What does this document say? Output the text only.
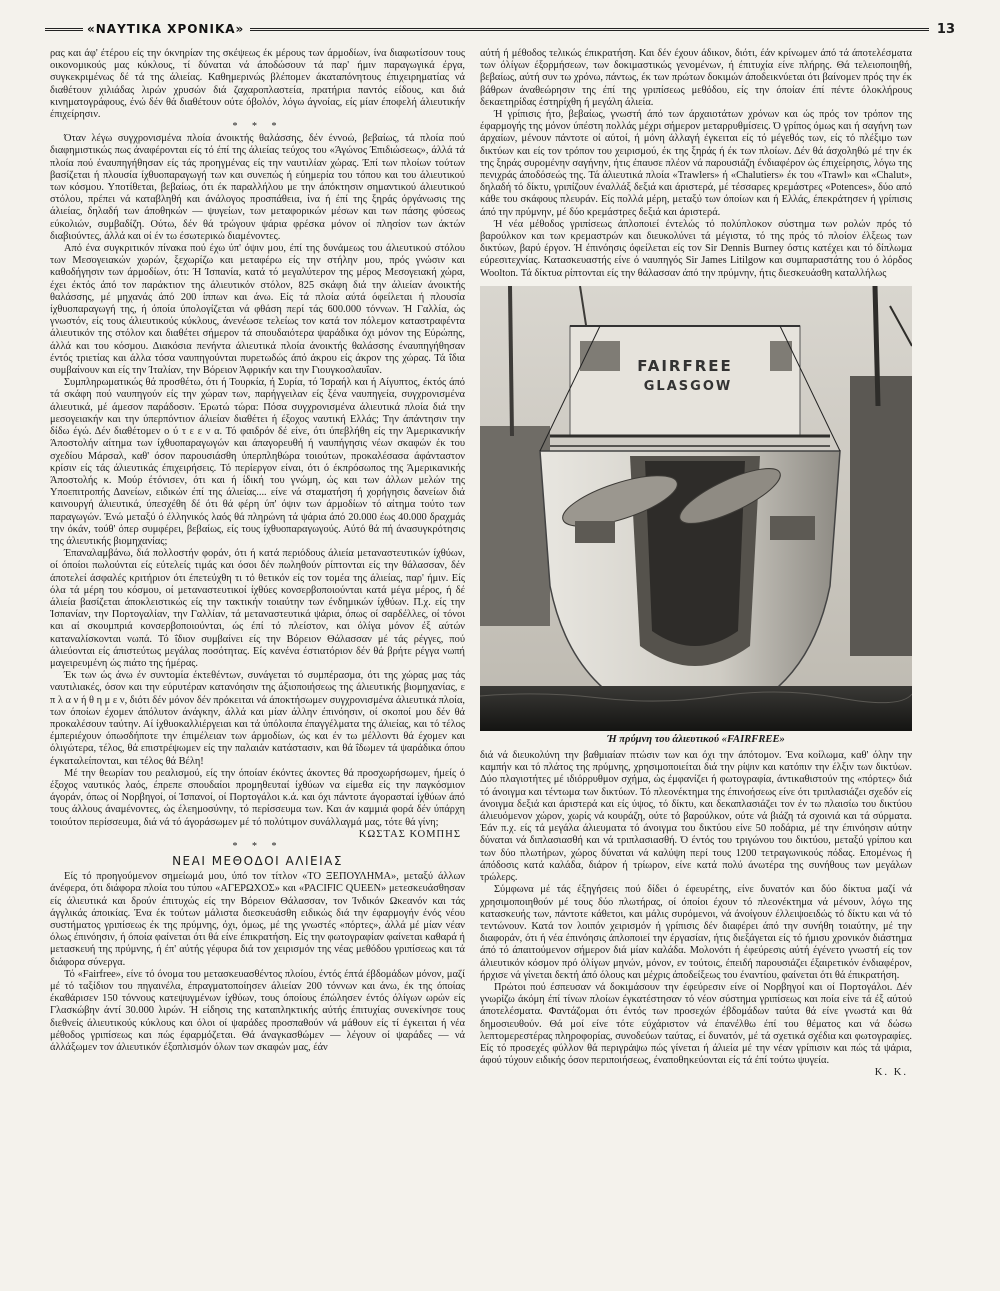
«ΝΑΥΤΙΚΑ ΧΡΟΝΙΚΑ»	13

ρας και άφ' έτέρου είς την όκνηρίαν της σκέψεως έκ μέρους των άρμοδίων, ίνα διαφωτίσουν τους οικονομικούς μας κύκλους, τί δύναται νά άποδώσουν τά παρ' ήμιν παραγωγικά έργα, συγκεκριμένως δέ τά της άλιείας. Καθημερινώς βλέπομεν άκαταπόνητους έπιχειρηματίας νά διαθέτουν χιλιάδας λιρών χρυσών διά ζαχαροπλαστεία, πρατήρια παντός είδους, και διά κινηματογράφους, ένώ δέν θά διαθέτουν ούτε όβολόν, λόγω άγνοίας, είς μίαν έποφελή άλιευτικήν έπιχείρησιν.

* * *

Όταν λέγω συγχρονισμένα πλοία άνοικτής θαλάσσης, δέν έννοώ, βεβαίως, τά πλοία πού διαφημιστικώς πως άναφέρονται είς τό έπί της άλιείας τεύχος του «Άγώνος Έπιδιώσεως», άλλά τά πλοία πού έναυπηγήθησαν είς τάς προηγμένας είς την ναυτιλίαν χώρας. Έπί των πλοίων τούτων βασίζεται ή πλουσία ίχθυοπαραγωγή των και συνεπώς ή εύημερία του τόπου και του άλιευτικού των κόσμου. Υποτίθεται, βεβαίως, ότι έκ παραλλήλου με την άπόκτησιν σημαντικού άλιευτικού στόλου, πρέπει νά καταβληθή και άνάλογος προσπάθεια, ίνα ή έπί της ξηράς όργάνωσις της άλιείας, δηλαδή των άποθηκών — ψυγείων, των μεταφορικών μέσων και των πάσης φύσεως εύκολιών, συμβαδίζη. Ούτω, δέν θά τρώγουν ψάρια φρέσκα μόνον οί πλησίον των άκτών διαβιούντες, άλλά και οί έν τω έσωτερικώ διαμένοντες.

Από ένα συγκριτικόν πίνακα πού έχω ύπ' όψιν μου, έπί της δυνάμεως του άλιευτικού στόλου των Μεσογειακών χωρών, ξεχωρίζω και μεταφέρω είς την στήλην μου, πρός γνώσιν και καθοδήγησιν των άρμοδίων, ότι: Ή Ίσπανία, κατά τό μεγαλύτερον της μέρος Μεσογειακή χώρα, έχει έκτός άπό τον παράκτιον της άλιευτικόν στόλον, 825 σκάφη διά την άλιείαν άνοικτής θαλάσσης, μέ μηχανάς άπό 200 ίππων και άνω. Είς τά πλοία αύτά όφείλεται ή πλουσία ίχθυοπαραγωγή της, ή όποία ύπολογίζεται νά φθάση περί τάς 600.000 τόννων. Ή Γαλλία, ώς γνωστόν, είς τους άλιευτικούς κύκλους, άνενέωσε τελείως τον κατά τον πόλεμον καταστραφέντα άλιευτικόν της στόλον και διαθέτει σήμερον τά σπουδαιότερα ψαράδικα όχι μόνον της Εύρώπης, άλλά και του κόσμου. Διακόσια πενήντα άλιευτικά πλοία άνοικτής θαλάσσης έναυπηγήθησαν έντός τριετίας και άλλα τόσα ναυπηγούνται πυρετωδώς άπό άκρου είς άκρον της χώρας. Τά ΐδια συμβαίνουν και είς την Ίταλίαν, την Βόρειον Άφρικήν και την Γιουγκοσλαυΐαν.

Συμπληρωματικώς θά προσθέτω, ότι ή Τουρκία, ή Συρία, τό Ίσραήλ και ή Αίγυπτος, έκτός άπό τά σκάφη πού ναυπηγούν είς την χώραν των, παρήγγειλαν είς ξένα ναυπηγεία, συγχρονισμένα άλιευτικά, μέ άμεσον παράδοσιν. Έρωτώ τώρα: Πόσα συγχρονισμένα άλιευτικά πλοία διά την μεσογειακήν και την ύπερπόντιον άλιείαν διαθέτει ή έξοχος ναυτική Ελλάς; Την άπάντησιν την δίδω έγώ. Δέν διαθέτομεν ο ύ τ ε ε ν α. Τό φαιδρόν δέ είνε, ότι ύπεβλήθη είς την Άμερικανικήν Άποστολήν αίτημα των ίχθυοπαραγωγών και άπαγορευθή ή ναυπήγησις νέων σκαφών έκ του σχεδίου Μάρσαλ, καθ' όσον παρουσιάσθη ύπερπληθώρα τοιούτων, προκαλέσασα άφάνταστον κρίσιν είς τάς άλιευτικάς έπιχειρήσεις. Τό περίεργον είναι, ότι ό έκπρόσωπος της Άμερικανικής Άποστολής κ. Μούρ έτόνισεν, ότι και ή ίδική του γνώμη, ώς και των άλλων μελών της Υποεπιτροπής Δανείων, ειδικών έπί της άλιείας.... είνε νά σταματήση ή χορήγησις δανείων διά καινουργή άλιευτικά, ύπεσχέθη δέ ότι θά φέρη ύπ' όψιν των άρμοδίων τό αίτημα τούτο των παραγωγών. Ένώ μεταξύ ό έλληνικός λαός θά πληρώνη τά ψάρια άπό 20.000 έως 40.000 δραχμάς την όκάν, τούθ' όπερ συμφέρει, βεβαίως, είς τους ίχθυοπαραγωγούς. Αύτό θά πή άνασυγκρότησις της άλιευτικής βιομηχανίας;

Έπαναλαμβάνω, διά πολλοστήν φοράν, ότι ή κατά περιόδους άλιεία μεταναστευτικών ίχθύων, οί όποίοι πωλούνται είς εύτελείς τιμάς και όσοι δέν πωληθούν ρίπτονται είς την θάλασσαν, δέν άποτελεί άσφαλές κριτήριον ότι έπετεύχθη τι τό θετικόν είς τον τομέα της άλιείας, παρ' ήμιν. Είς όλα τά μέρη του κόσμου, οί μεταναστευτικοί ίχθύες κονσερβοποιούνται κατά μέγα μέρος, ή δέ άλιεία βασίζεται άποκλειστικώς είς την τακτικήν τοιαύτην των ένδημικών ίχθύων. Π.χ. είς την Ίσπανίαν, την Πορτογαλίαν, την Γαλλίαν, τά μεταναστευτικά ψάρια, όπως οί σαρδέλλες, οί τόνοι και αί σκουμπριά κονσερβοποιούνται, ώς έπί τό πλείστον, και όλίγα μόνον έξ αύτών καταναλίσκονται νωπά. Τό ΐδιον συμβαίνει είς την Βόρειον Θάλασσαν μέ τάς ρέγγες, πού άλιεύονται είς άπιστεύτως μεγάλας ποσότητας. Είς κανένα έστιατόριον δέν θά βρήτε ρέγγα νωπή μαγειρευμένη ώς πιάτο της ήμέρας.

Έκ των ώς άνω έν συντομία έκτεθέντων, συνάγεται τό συμπέρασμα, ότι της χώρας μας τάς ναυτιλιακές, όσον και την εύρυτέραν κατανόησιν της άξιοποιήσεως της άλιευτικής βιομηχανίας, ε π λ α ν ή θ η μ ε ν, διότι δέν μόνον δέν πρόκειται νά άποκτήσωμεν συγχρονισμένα άλιευτικά πλοία, των όποίων έχομεν άπόλυτον άνάγκην, άλλά και μίαν άλλην έπινόησιν, οί σκοποί μου δέν θά προκαλέσουν ταύτην. Αί ίχθυοκαλλιέργειαι και τά ύπόλοιπα έπαγγέλματα της άλιείας, και τό τέλος έμπεριέχουν όπωσδήποτε την έπιμέλειαν των άρμοδίων, ώς και έν τω μέλλοντι θά έχομεν και όλιγώτερα, τέλος, θά επιστρέψωμεν είς την παλαιάν κατάστασιν, και θά ΐδωμεν τά ψαράδικα όπου έγκαταλείπονται, και τέλος θά Βέλη!

Μέ την θεωρίαν του ρεαλισμού, είς την όποίαν έκόντες άκοντες θά προσχωρήσωμεν, ήμείς ό έξοχος ναυτικός λαός, έπρεπε σπουδαίοι προμηθευταί ίχθύων να είμεθα είς την παγκόσμιον άγοράν, όπως οί Νορβηγοί, οί Ίσπανοί, οί Πορτογάλοι κ.ά. και όχι πάντοτε άγορασταί ίχθύων άπό τους άλλους άναμένοντες, ώς έλεημοσύνην, τό περίσσευμα των. Και άν καμμιά φορά δέν ύπάρχη τοιούτον περίσσευμα, διά νά τό άγοράσωμεν μέ τό πολύτιμον συνάλλαγμά μας, τότε θά γίνη;

ΚΩΣΤΑΣ ΚΟΜΠΗΣ
* * *
ΝΕΑΙ ΜΕΘΟΔΟΙ ΑΛΙΕΙΑΣ

Είς τό προηγούμενον σημείωμά μου, ύπό τον τίτλον «ΤΟ ΞΕΠΟΥΛΗΜΑ», μεταξύ άλλων άνέφερα, ότι διάφορα πλοία του τύπου «ΑΓΕΡΩΧΟΣ» και «PACIFIC QUEEN» μετεσκευάσθησαν είς άλιευτικά και δρούν έπιτυχώς είς την Βόρειον Θάλασσαν, τον Ίνδικόν Ωκεανόν και τάς άγγλικάς άποικίας. Ένα έκ τούτων μάλιστα διεσκευάσθη ειδικώς διά την έφαρμογήν ένός νέου συστήματος γριπίσεως έκ της πρύμνης, όχι, όμως, μέ της γνωστές «πόρτες», άλλά μέ μίαν νέαν όλως έπινόησιν, ή όποία φαίνεται ότι θά είνε έπικρατήση. Είς την φωτογραφίαν φαίνεται καθαρά ή μετασκευή της πρύμνης, ή έπ' αύτής γέφυρα διά τον χειρισμόν της νέας μεθόδου γριπίσεως και τά διάφορα σύνεργα.

Τό «Fairfree», είνε τό όνομα του μετασκευασθέντος πλοίου, έντός έπτά έβδομάδων μόνον, μαζί μέ τό ταξίδιον του πηγαινέλα, έπραγματοποίησεν άλιείαν 200 τόννων και άνω, έκ της όποίας έκαθάρισεν 150 τόννους κατεψυγμένων ίχθύων, τους όποίους έπώλησεν έντός όλίγων ωρών είς Γλασκώβην άντί 30.000 λιρών. Ή είδησις της καταπληκτικής αύτής έπιτυχίας συνεκίνησε τους διεθνείς άλιευτικούς κύκλους και όλοι οί ψαράδες προσπαθούν νά μάθουν είς τί έγκειται ή νέα μέθοδος γριπίσεως και πώς έφαρμόζεται. Θά άναγκασθώμεν — λέγουν οί ψαράδες — νά άλλάξωμεν τον άλιευτικόν έξοπλισμόν όλων των σκαφών μας, έάν

αύτή ή μέθοδος τελικώς έπικρατήση. Και δέν έχουν άδικον, διότι, έάν κρίνωμεν άπό τά άποτελέσματα των όλίγων έξορμήσεων, των δοκιμαστικώς γενομένων, ή έπιτυχία είνε πλήρης. Θά τελειοποιηθή, βεβαίως, αύτή συν τω χρόνω, πάντως, έκ των πρώτων δοκιμών άποδεικνύεται ότι βαίνομεν πρός την έκ βάθρων άναθεώρησιν της έπί της γριπίσεως μεθόδου, είς την όποίαν έπί πέντε όλοκλήρους δεκαετηρίδας έστηρίχθη ή μεγάλη άλιεία.

Ή γρίπισις ήτο, βεβαίως, γνωστή άπό των άρχαιοτάτων χρόνων και ώς πρός τον τρόπον της έφαρμογής της μόνον ύπέστη πολλάς μέχρι σήμερον μεταρρυθμίσεις. Ό γρίπος όμως και ή σαγήνη των άρχαίων, μένουν πάντοτε οί αύτοί, ή μόνη άλλαγή έγκειται είς τό μέγεθός των, είς τό πλέξιμο των δικτύων και είς τον τρόπον του χειρισμού, έκ της ξηράς ή έκ των πλοίων. Δέν θά άσχοληθώ μέ την έκ της ξηράς συρομένην σαγήνην, ήτις έπαυσε πλέον νά παρουσιάζη ένδιαφέρον ώς έπιχείρησις, λόγω της πενιχράς άποδόσεώς της. Τά άλιευτικά πλοία «Trawlers» ή «Chalutiers» έκ του «Trawl» και «Chalut», δηλαδή τό δίκτυ, γριπίζουν έναλλάξ δεξιά και άριστερά, μέ τέσσαρες κρεμάστρες «Potences», δύο από κάθε του σκάφους πλευράν. Είς πολλά μέρη, μεταξύ των όποίων και ή Ελλάς, έπεκράτησεν ή γρίπισις άπό την πρύμνην, μέ δύο κρεμάστρες δεξιά και άριστερά.

Ή νέα μέθοδος γριπίσεως άπλοποιεί έντελώς τό πολύπλοκον σύστημα των ρολών πρός τό βαρούλκον και των κρεμαστρών και διευκολύνει τά μέγιστα, τό της πρός τό πλοίον έλξεως των δικτύων, βαρύ έργον. Ή έπινόησις όφείλεται είς τον Sir Dennis Burney όστις κατέχει και τό δίπλωμα εύρεσιτεχνίας. Κατασκευαστής είνε ό ναυπηγός Sir James Litilgow και συμπαραστάτης του ό λόρδος Woolton. Τά δίκτυα ρίπτονται είς την θάλασσαν άπό την πρύμνην, ήτις διεσκευάσθη καταλλήλως

FAIRFREE
GLASGOW
Ή πρύμνη του άλιευτικού «FAIRFREE»

διά νά διευκολύνη την βαθμιαίαν πτώσιν των και όχι την άπότομον. Ένα κοίλωμα, καθ' όλην την καμπήν και τό πλάτος της πρύμνης, χρησιμοποιείται διά την ρίψιν και κατόπιν την έλξιν των δικτύων. Δύο πλαγιοτήτες μέ ιδιόρρυθμον σχήμα, ώς έμφανίζει ή φωτογραφία, άντικαθιστούν της «πόρτες» διά τό άνοιγμα και τέντωμα των δικτύων. Τό πλεονέκτημα της έπινοήσεως είνε ότι τριπλασιάζει σχεδόν είς άνοιγμα δεξιά και άριστερά και είς ύψος, τό δίκτυ, και δεκαπλασιάζει τον έν τω πλαισίω του δικτύου άλιευόμενον χώρον, χωρίς νά κουράζη, ούτε τό βαρούλκον, ούτε νά βιάζη τά σχοινιά και τά σύρματα. Έάν π.χ. είς τά μεγάλα άλιευματα τό άνοιγμα του δικτύου είνε 50 ποδάρια, μέ την έπινόησιν αύτην δύναται νά διπλασιασθή και νά τριπλασιασθή. Ό έντός του τριγώνου του δικτύου, μεταξύ γρίπου και των δύο πλωτήρων, χώρος δύναται νά καλύψη περί τους 1200 τετραγωνικούς πόδας. Επομένως ή άπόδοσις κατά καλάδα, διάρον ή τρίωρον, είνε κατά πολύ άνωτέρα της συνήθους των μεγάλων τρώλερς.

Σύμφωνα μέ τάς έξηγήσεις πού δίδει ό έφευρέτης, είνε δυνατόν και δύο δίκτυα μαζί νά χρησιμοποιηθούν μέ τους δύο πλωτήρας, οί όποίοι έχουν τό πλεονέκτημα νά μένουν, λόγω της κατασκευής των, πάντοτε κάθετοι, και μάλις συρόμενοι, νά άνοίγουν έλλειψοειδώς τό δίκτυ και νά τό τεντώνουν. Κατά τον λοιπόν χειρισμόν ή γρίπισις δέν διαφέρει άπό την συνήθη τοιαύτην, μέ την διαφοράν, ότι ή νέα έπινόησις άπλοποιεί την έργασίαν, ήτις διεξάγεται είς τό ήμισυ χρονικόν διάστημα άπό τό άπαιτούμενον σήμερον διά μίαν καλάδα. Μολονότι ή έφεύρεσις αύτή έγένετο γνωστή είς τον άλιευτικόν κόσμον πρό όλίγων μηνών, μόνον, εν τούτοις, έπειδή παρουσιάζει έξαιρετικόν ένδιαφέρον, ήρχισε νά γίνεται δεκτή άπό όλους και μέχρις άποδείξεως του έναντίου, φαίνεται ότι θά έπικρατήση.

Πρώτοι πού έσπευσαν νά δοκιμάσουν την έφεύρεσιν είνε οί Νορβηγοί και οί Πορτογάλοι. Δέν γνωρίζω άκόμη έπί τίνων πλοίων έγκατέστησαν τό νέον σύστημα γριπίσεως και ποία είνε τά έξ αύτού άποτελέσματα. Φαντάζομαι ότι έντός των προσεχών έβδομάδων ταύτα θά είνε γνωστά και θά δημοσιευθούν. Θά μοί είνε τότε εύχάριστον νά έπανέλθω έπί του θέματος και νά δώσω λεπτομερεστέρας πληροφορίας, συνοδεύων ταύτας, εί δυνατόν, μέ τά σχετικά σχέδια και φωτογραφίες. Είς τό προσεχές φύλλον θά περιγράψω πώς γίνεται ή άλιεία μέ την νέαν γρίπισιν και πώς τά ψάρια, άφού τύχουν ειδικής όσον περιποιήσεως, έναποθηκεύονται είς τά έπί τούτω ψυγεία.

Κ. Κ.
